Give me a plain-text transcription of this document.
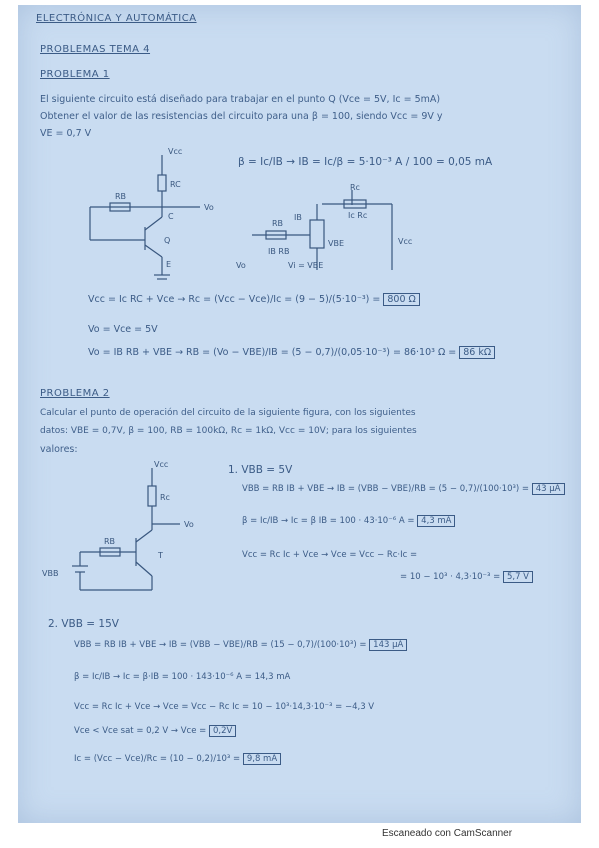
ELECTRÓNICA Y AUTOMÁTICA
PROBLEMAS TEMA 4
PROBLEMA 1
El siguiente circuito está diseñado para trabajar en el punto Q (Vce = 5V, Ic = 5mA)
Obtener el valor de las resistencias del circuito para una β = 100, siendo Vcc = 9V y
VE = 0,7 V
Vcc
RC
RB
C
Q
E
Vo
β = Ic/IB → IB = Ic/β = 5·10⁻³ A / 100 = 0,05 mA
Rc
Ic Rc
RB
IB
IB RB
VBE	Vcc
Vo	Vi = VBE
Vcc = Ic RC + Vce → Rc = (Vcc − Vce)/Ic = (9 − 5)/(5·10⁻³) = 800 Ω
Vo = Vce = 5V
Vo = IB RB + VBE → RB = (Vo − VBE)/IB = (5 − 0,7)/(0,05·10⁻³) = 86·10³ Ω = 86 kΩ
PROBLEMA 2
Calcular el punto de operación del circuito de la siguiente figura, con los siguientes
datos: VBE = 0,7V, β = 100, RB = 100kΩ, Rc = 1kΩ, Vcc = 10V; para los siguientes
valores:
Vcc
Rc
RB
Vo
T
VBB
1. VBB = 5V
VBB = RB IB + VBE → IB = (VBB − VBE)/RB = (5 − 0,7)/(100·10³) = 43 µA
β = Ic/IB → Ic = β IB = 100 · 43·10⁻⁶ A = 4,3 mA
Vcc = Rc Ic + Vce → Vce = Vcc − Rc·Ic =
= 10 − 10³ · 4,3·10⁻³ = 5,7 V
2. VBB = 15V
VBB = RB IB + VBE → IB = (VBB − VBE)/RB = (15 − 0,7)/(100·10³) = 143 µA
β = Ic/IB → Ic = β·IB = 100 · 143·10⁻⁶ A = 14,3 mA
Vcc = Rc Ic + Vce → Vce = Vcc − Rc Ic = 10 − 10³·14,3·10⁻³ = −4,3 V
Vce < Vce sat = 0,2 V → Vce = 0,2V
Ic = (Vcc − Vce)/Rc = (10 − 0,2)/10³ = 9,8 mA
Escaneado con CamScanner
